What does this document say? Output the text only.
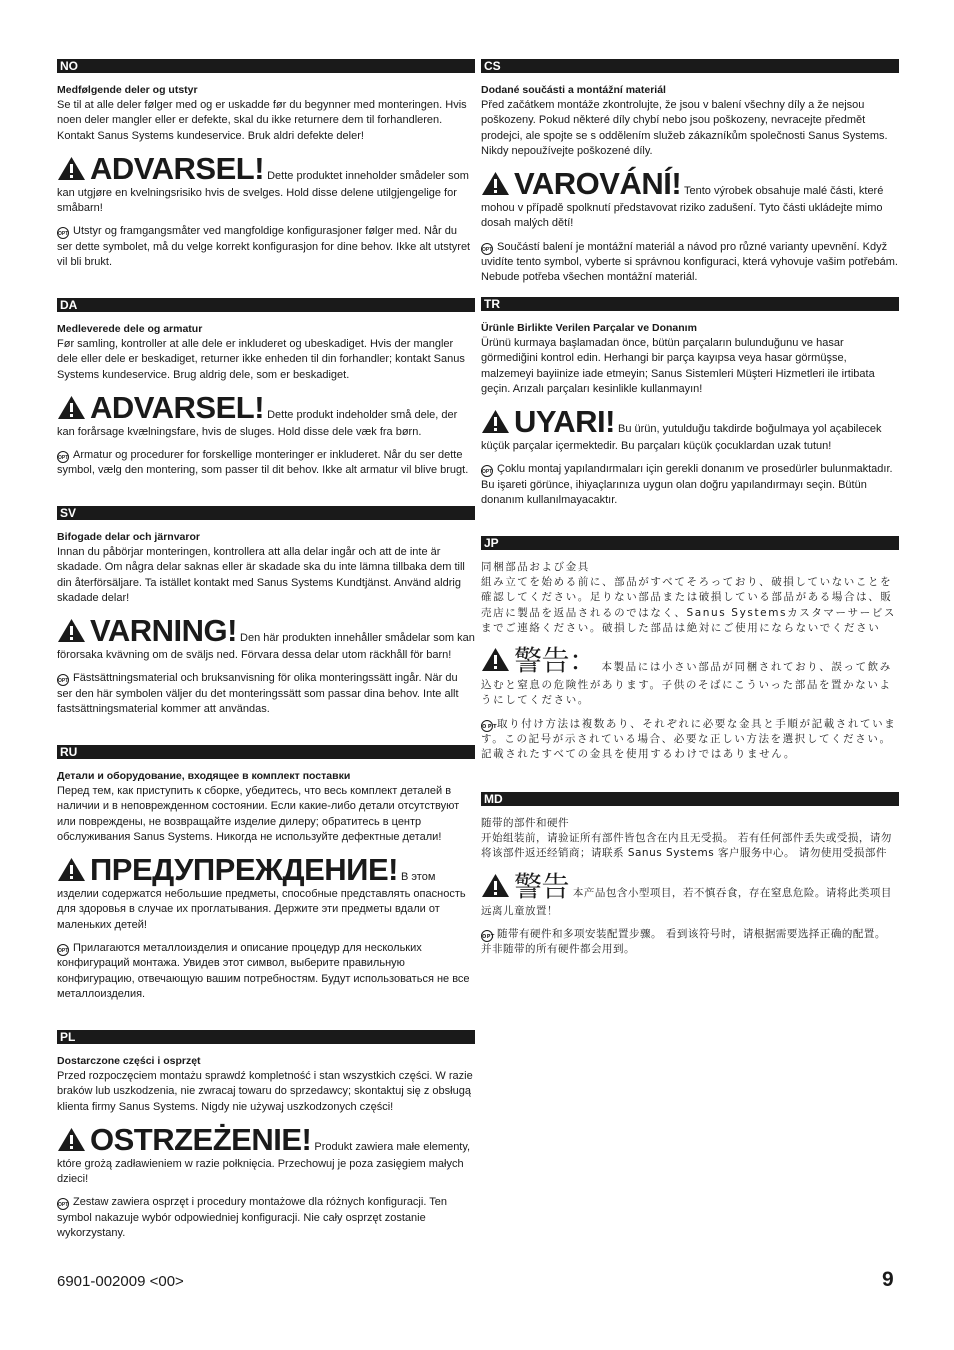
NO

Medfølgende deler og utstyr

Se til at alle deler følger med og er uskadde før du begynner med monteringen. Hvis noen deler mangler eller er defekte, skal du ikke returnere dem til forhandleren. Kontakt Sanus Systems kundeservice. Bruk aldri defekte deler!

ADVARSEL! Dette produktet inneholder smådeler som kan utgjøre en kvelningsrisiko hvis de svelges. Hold disse delene utilgjengelige for småbarn!
OPT Utstyr og framgangsmåter ved mangfoldige konfigurasjoner følger med. Når du ser dette symbolet, må du velge korrekt konfigurasjon for dine behov. Ikke alt utstyret vil bli brukt.
DA

Medleverede dele og armatur

Før samling, kontroller at alle dele er inkluderet og ubeskadiget. Hvis der mangler dele eller dele er beskadiget, returner ikke enheden til din forhandler; kontakt Sanus Systems kundeservice. Brug aldrig dele, som er beskadiget.

ADVARSEL! Dette produkt indeholder små dele, der kan forårsage kvælningsfare, hvis de sluges. Hold disse dele væk fra børn.
OPT Armatur og procedurer for forskellige monteringer er inkluderet. Når du ser dette symbol, vælg den montering, som passer til dit behov. Ikke alt armatur vil blive brugt.
SV

Bifogade delar och järnvaror

Innan du påbörjar monteringen, kontrollera att alla delar ingår och att de inte är skadade. Om några delar saknas eller är skadade ska du inte lämna tillbaka dem till din återförsäljare. Ta istället kontakt med Sanus Systems Kundtjänst. Använd aldrig skadade delar!

VARNING! Den här produkten innehåller smådelar som kan förorsaka kvävning om de sväljs ned. Förvara dessa delar utom räckhåll för barn!
OPT Fästsättningsmaterial och bruksanvisning för olika monteringssätt ingår. När du ser den här symbolen väljer du det monteringssätt som passar dina behov. Inte allt fastsättningsmaterial kommer att användas.
RU

Детали и оборудование, входящее в комплект поставки

Перед тем, как приступить к сборке, убедитесь, что весь комплект деталей в наличии и в неповрежденном состоянии. Если какие-либо детали отсутствуют или повреждены, не возвращайте изделие дилеру; обратитесь в центр обслуживания Sanus Systems. Никогда не используйте дефектные детали!

ПРЕДУПРЕЖДЕНИЕ! В этом изделии содержатся небольшие предметы, способные представлять опасность для здоровья в случае их проглатывания. Держите эти предметы вдали от маленьких детей!
OPT Прилагаются металлоизделия и описание процедур для нескольких конфигураций монтажа. Увидев этот символ, выберите правильную конфигурацию, отвечающую вашим потребностям. Будут использоваться не все металлоизделия.
PL

Dostarczone części i osprzęt

Przed rozpoczęciem montażu sprawdź kompletność i stan wszystkich części. W razie braków lub uszkodzenia, nie zwracaj towaru do sprzedawcy; skontaktuj się z obsługą klienta firmy Sanus Systems. Nigdy nie używaj uszkodzonych części!

OSTRZEŻENIE! Produkt zawiera małe elementy, które grożą zadławieniem w razie połknięcia. Przechowuj je poza zasięgiem małych dzieci!
OPT Zestaw zawiera osprzęt i procedury montażowe dla różnych konfiguracji. Ten symbol nakazuje wybór odpowiedniej konfiguracji. Nie cały osprzęt zostanie wykorzystany.
CS

Dodané součásti a montážní materiál

Před začátkem montáže zkontrolujte, že jsou v balení všechny díly a že nejsou poškozeny. Pokud některé díly chybí nebo jsou poškozeny, nevracejte předmět prodejci, ale spojte se s oddělením služeb zákazníkům společnosti Sanus Systems. Nikdy nepoužívejte poškozené díly.

VAROVÁNÍ! Tento výrobek obsahuje malé části, které mohou v případě spolknutí představovat riziko zadušení. Tyto části ukládejte mimo dosah malých dětí!
OPT Součástí balení je montážní materiál a návod pro různé varianty upevnění. Když uvidíte tento symbol, vyberte si správnou konfiguraci, která vyhovuje vašim potřebám. Nebude potřeba všechen montážní materiál.
TR

Ürünle Birlikte Verilen Parçalar ve Donanım

Ürünü kurmaya başlamadan önce, bütün parçaların bulunduğunu ve hasar görmediğini kontrol edin. Herhangi bir parça kayıpsa veya hasar görmüşse, malzemeyi bayiinize iade etmeyin; Sanus Sistemleri Müşteri Hizmetleri ile irtibata geçin. Arızalı parçaları kesinlikle kullanmayın!

UYARI! Bu ürün, yutulduğu takdirde boğulmaya yol açabilecek küçük parçalar içermektedir. Bu parçaları küçük çocuklardan uzak tutun!
OPT Çoklu montaj yapılandırmaları için gerekli donanım ve prosedürler bulunmaktadır. Bu işareti görünce, ihiyaçlarınıza uygun olan doğru yapılandırmayı seçin. Bütün donanım kullanılmayacaktır.
JP

同梱部品および金具

組み立てを始める前に、部品がすべてそろっており、破損していないことを確認してください。足りない部品または破損している部品がある場合は、販売店に製品を返品されるのではなく、Sanus Systemsカスタマーサービスまでご連絡ください。破損した部品は絶対にご使用にならないでください

警告： 本製品には小さい部品が同梱されており、誤って飲み込むと窒息の危険性があります。子供のそばにこういった部品を置かないようにしてください。
OPT取り付け方法は複数あり、それぞれに必要な金具と手順が記載されています。この記号が示されている場合、必要な正しい方法を選択してください。記載されたすべての金具を使用するわけではありません。
MD

随带的部件和硬件

开始组装前，请验证所有部件皆包含在内且无受损。 若有任何部件丢失或受损，请勿将该部件返还经销商；请联系 Sanus Systems 客户服务中心。 请勿使用受损部件

警告 本产品包含小型项目，若不慎吞食，存在窒息危险。请将此类项目远离儿童放置！
OPT 随带有硬件和多项安装配置步骤。 看到该符号时，请根据需要选择正确的配置。 并非随带的所有硬件都会用到。
6901-002009 <00>	9
